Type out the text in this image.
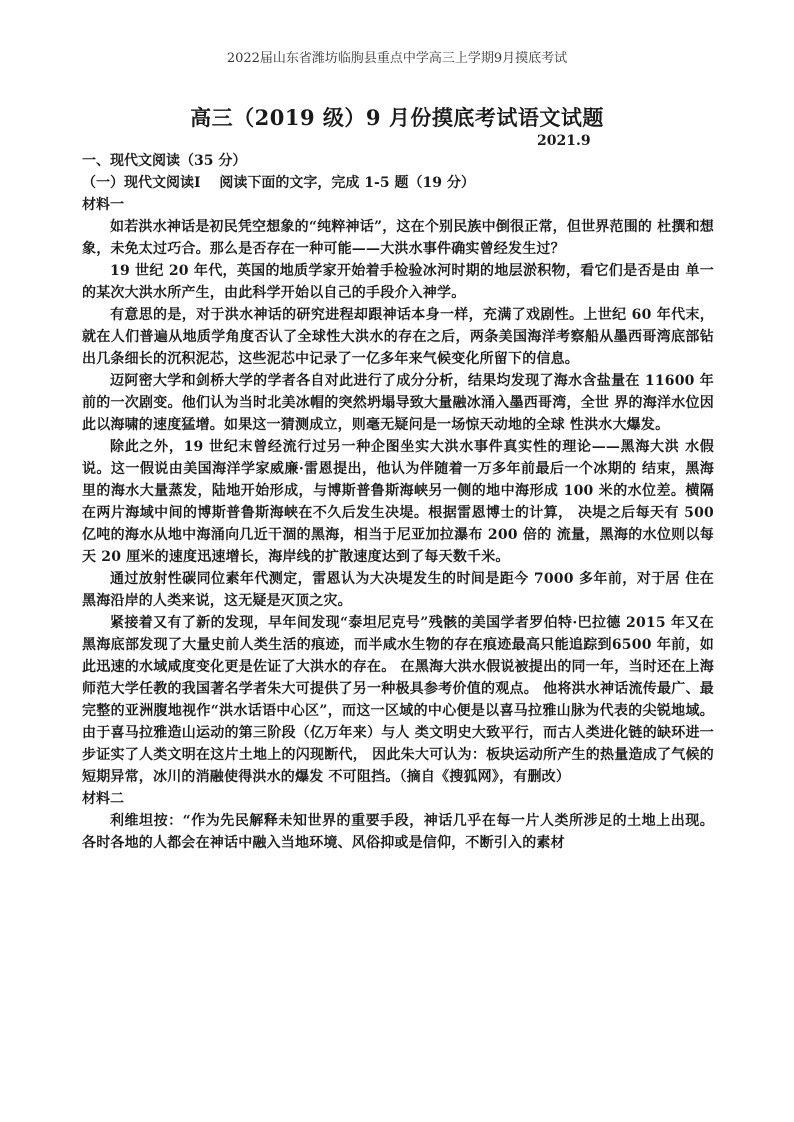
2022届山东省潍坊临朐县重点中学高三上学期9月摸底考试
高三（2019 级）9 月份摸底考试语文试题
2021.9
一、现代文阅读（35 分）
（一）现代文阅读Ⅰ　 阅读下面的文字，完成 1-5 题（19 分）
材料一

如若洪水神话是初民凭空想象的“纯粹神话”，这在个别民族中倒很正常，但世界范围的 杜撰和想象，未免太过巧合。那么是否存在一种可能——大洪水事件确实曾经发生过？

19 世纪 20 年代，英国的地质学家开始着手检验冰河时期的地层淤积物，看它们是否是由 单一的某次大洪水所产生，由此科学开始以自己的手段介入神学。

有意思的是，对于洪水神话的研究进程却跟神话本身一样，充满了戏剧性。上世纪 60 年代末，就在人们普遍从地质学角度否认了全球性大洪水的存在之后，两条美国海洋考察船从墨西哥湾底部钻出几条细长的沉积泥芯，这些泥芯中记录了一亿多年来气候变化所留下的信息。

迈阿密大学和剑桥大学的学者各自对此进行了成分分析，结果均发现了海水含盐量在 11600 年前的一次剧变。他们认为当时北美冰帽的突然坍塌导致大量融冰涌入墨西哥湾，全世 界的海洋水位因此以海啸的速度猛增。如果这一猜测成立，则毫无疑问是一场惊天动地的全球 性洪水大爆发。

除此之外，19 世纪末曾经流行过另一种企图坐实大洪水事件真实性的理论——黑海大洪 水假说。这一假说由美国海洋学家威廉·雷恩提出，他认为伴随着一万多年前最后一个冰期的 结束，黑海里的海水大量蒸发，陆地开始形成，与博斯普鲁斯海峡另一侧的地中海形成 100 米的水位差。横隔在两片海域中间的博斯普鲁斯海峡在不久后发生决堤。根据雷恩博士的计算， 决堤之后每天有 500 亿吨的海水从地中海涌向几近干涸的黑海，相当于尼亚加拉瀑布 200 倍的 流量，黑海的水位则以每天 20 厘米的速度迅速增长，海岸线的扩散速度达到了每天数千米。

通过放射性碳同位素年代测定，雷恩认为大决堤发生的时间是距今 7000 多年前，对于居 住在黑海沿岸的人类来说，这无疑是灭顶之灾。

紧接着又有了新的发现，早年间发现“泰坦尼克号”残骸的美国学者罗伯特·巴拉德 2015 年又在黑海底部发现了大量史前人类生活的痕迹，而半咸水生物的存在痕迹最高只能追踪到6500 年前，如此迅速的水域咸度变化更是佐证了大洪水的存在。 在黑海大洪水假说被提出的同一年，当时还在上海师范大学任教的我国著名学者朱大可提供了另一种极具参考价值的观点。 他将洪水神话流传最广、最完整的亚洲腹地视作“洪水话语中心区”，而这一区域的中心便是以喜马拉雅山脉为代表的尖锐地域。由于喜马拉雅造山运动的第三阶段（亿万年来）与人 类文明史大致平行，而古人类进化链的缺环进一步证实了人类文明在这片土地上的闪现断代， 因此朱大可认为：板块运动所产生的热量造成了气候的短期异常，冰川的消融使得洪水的爆发 不可阻挡。（摘自《搜狐网》，有删改）

材料二

利维坦按：“作为先民解释未知世界的重要手段，神话几乎在每一片人类所涉足的土地上出现。各时各地的人都会在神话中融入当地环境、风俗抑或是信仰，不断引入的素材
